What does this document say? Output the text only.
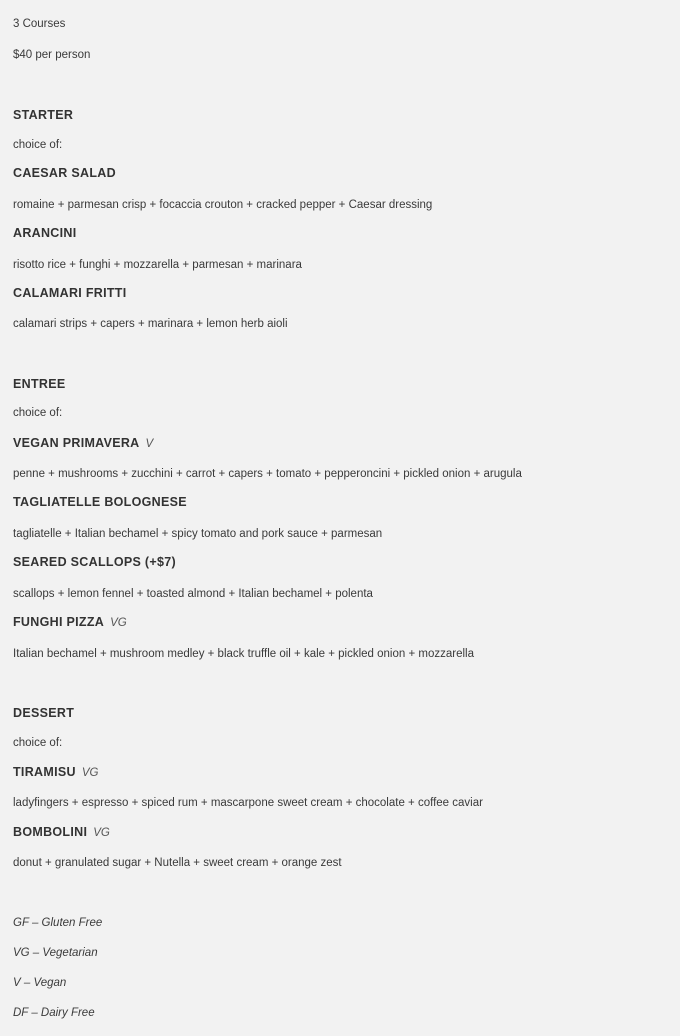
3 Courses
$40 per person
STARTER
choice of:
CAESAR SALAD
romaine + parmesan crisp + focaccia crouton + cracked pepper + Caesar dressing
ARANCINI
risotto rice + funghi + mozzarella + parmesan + marinara
CALAMARI FRITTI
calamari strips + capers + marinara + lemon herb aioli
ENTREE
choice of:
VEGAN PRIMAVERA V
penne + mushrooms + zucchini + carrot + capers + tomato + pepperoncini + pickled onion + arugula
TAGLIATELLE BOLOGNESE
tagliatelle + Italian bechamel + spicy tomato and pork sauce + parmesan
SEARED SCALLOPS (+$7)
scallops + lemon fennel + toasted almond + Italian bechamel + polenta
FUNGHI PIZZA VG
Italian bechamel + mushroom medley + black truffle oil + kale + pickled onion + mozzarella
DESSERT
choice of:
TIRAMISU VG
ladyfingers + espresso + spiced rum + mascarpone sweet cream + chocolate + coffee caviar
BOMBOLINI VG
donut + granulated sugar + Nutella + sweet cream + orange zest
GF – Gluten Free
VG – Vegetarian
V – Vegan
DF – Dairy Free
